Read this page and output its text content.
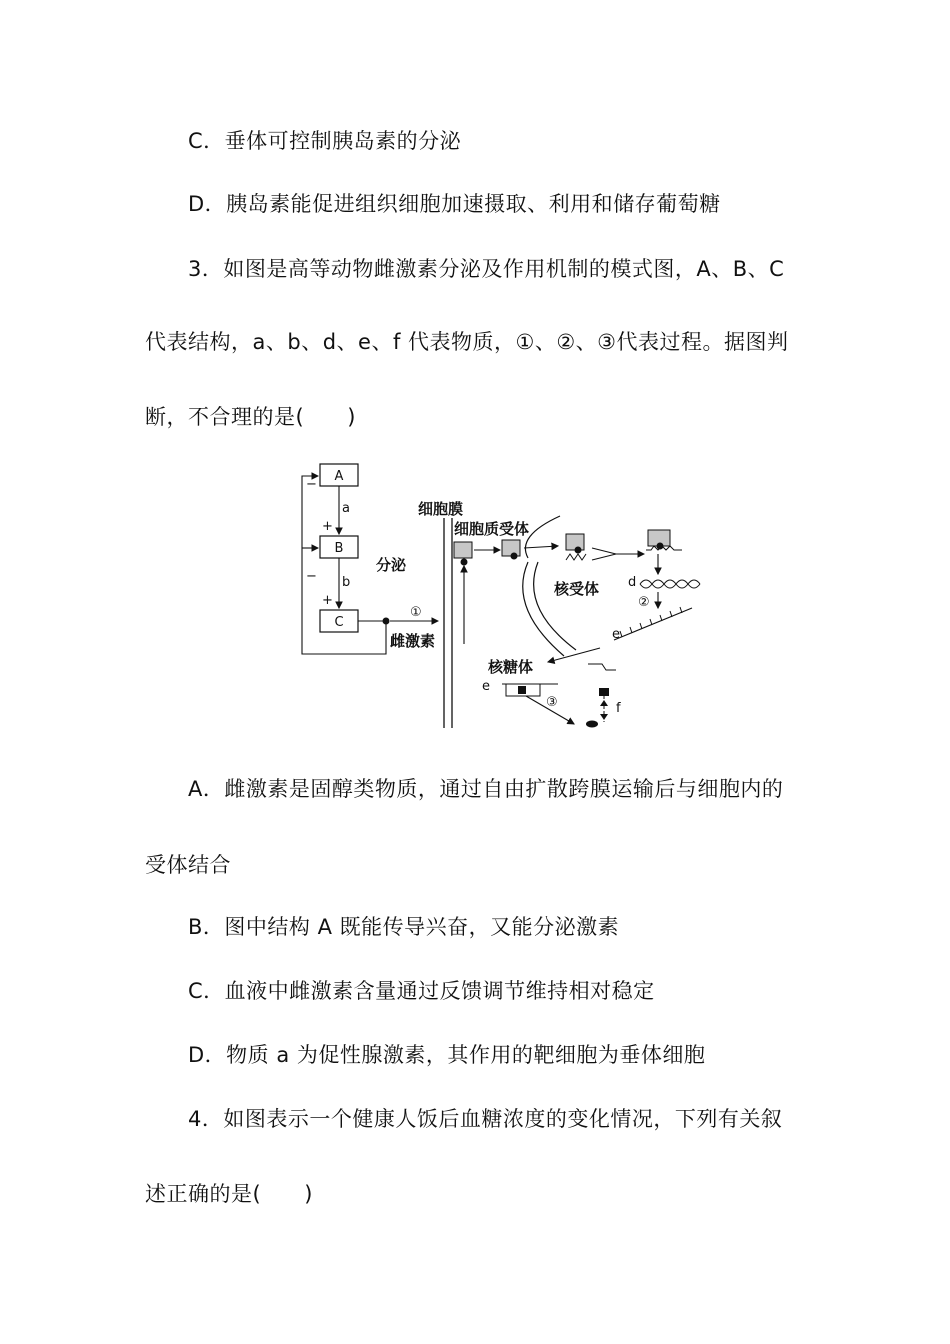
C．垂体可控制胰岛素的分泌
D．胰岛素能促进组织细胞加速摄取、利用和储存葡萄糖
3．如图是高等动物雌激素分泌及作用机制的模式图，A、B、C
代表结构，a、b、d、e、f 代表物质，①、②、③代表过程。据图判
断，不合理的是(　　)
A
B
C
a
+
b
+
−
−
①
分泌
雌激素
细胞膜
细胞质受体
核受体 d
②
e
核糖体
e
③	f
A．雌激素是固醇类物质，通过自由扩散跨膜运输后与细胞内的
受体结合
B．图中结构 A 既能传导兴奋，又能分泌激素
C．血液中雌激素含量通过反馈调节维持相对稳定
D．物质 a 为促性腺激素，其作用的靶细胞为垂体细胞
4．如图表示一个健康人饭后血糖浓度的变化情况，下列有关叙
述正确的是(　　)
